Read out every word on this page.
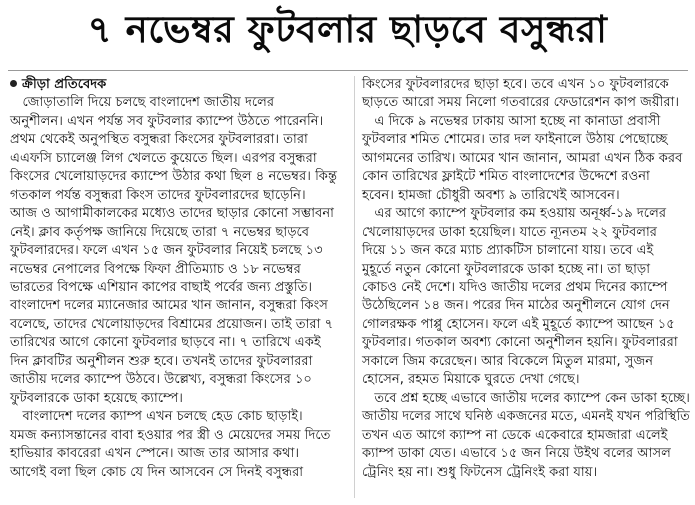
৭ নভেম্বর ফুটবলার ছাড়বে বসুন্ধরা
ক্রীড়া প্রতিবেদক
জোড়াতালি দিয়ে চলছে বাংলাদেশ জাতীয় দলের
অনুশীলন। এখন পর্যন্ত সব ফুটবলার ক্যাম্পে উঠতে পারেননি।
প্রথম থেকেই অনুপস্থিত বসুন্ধরা কিংসের ফুটবলাররা। তারা
এএফসি চ্যালেঞ্জ লিগ খেলতে কুয়েতে ছিল। এরপর বসুন্ধরা
কিংসের খেলোয়াড়দের ক্যাম্পে উঠার কথা ছিল ৪ নভেম্বর। কিন্তু
গতকাল পর্যন্ত বসুন্ধরা কিংস তাদের ফুটবলারদের ছাড়েনি।
আজ ও আগামীকালকের মধ্যেও তাদের ছাড়ার কোনো সম্ভাবনা
নেই। ক্লাব কর্তৃপক্ষ জানিয়ে দিয়েছে তারা ৭ নভেম্বর ছাড়বে
ফুটবলারদের। ফলে এখন ১৫ জন ফুটবলার নিয়েই চলছে ১৩
নভেম্বর নেপালের বিপক্ষে ফিফা প্রীতিম্যাচ ও ১৮ নভেম্বর
ভারতের বিপক্ষে এশিয়ান কাপের বাছাই পর্বের জন্য প্রস্তুতি।
বাংলাদেশ দলের ম্যানেজার আমের খান জানান, বসুন্ধরা কিংস
বলেছে, তাদের খেলোয়াড়দের বিশ্রামের প্রয়োজন। তাই তারা ৭
তারিখের আগে কোনো ফুটবলার ছাড়বে না। ৭ তারিখে একই
দিন ক্লাবটির অনুশীলন শুরু হবে। তখনই তাদের ফুটবলাররা
জাতীয় দলের ক্যাম্পে উঠবে। উল্লেখ্য, বসুন্ধরা কিংসের ১০
ফুটবলারকে ডাকা হয়েছে ক্যাম্পে।
বাংলাদেশ দলের ক্যাম্প এখন চলছে হেড কোচ ছাড়াই।
যমজ কন্যাসন্তানের বাবা হওয়ার পর স্ত্রী ও মেয়েদের সময় দিতে
হাভিয়ার কাবরেরা এখন স্পেনে। আজ তার আসার কথা।
আগেই বলা ছিল কোচ যে দিন আসবেন সে দিনই বসুন্ধরা
কিংসের ফুটবলারদের ছাড়া হবে। তবে এখন ১০ ফুটবলারকে
ছাড়তে আরো সময় নিলো গতবারের ফেডারেশন কাপ জয়ীরা।
এ দিকে ৯ নভেম্বর ঢাকায় আসা হচ্ছে না কানাডা প্রবাসী
ফুটবলার শমিত শোমের। তার দল ফাইনালে উঠায় পেছোচ্ছে
আগমনের তারিখ। আমের খান জানান, আমরা এখন ঠিক করব
কোন তারিখের ফ্লাইটে শমিত বাংলাদেশের উদ্দেশে রওনা
হবেন। হামজা চৌধুরী অবশ্য ৯ তারিখেই আসবেন।
এর আগে ক্যাম্পে ফুটবলার কম হওয়ায় অনূর্ধ্ব-১৯ দলের
খেলোয়াড়দের ডাকা হয়েছিল। যাতে ন্যূনতম ২২ ফুটবলার
দিয়ে ১১ জন করে ম্যাচ প্র্যাকটিস চালানো যায়। তবে এই
মুহূর্তে নতুন কোনো ফুটবলারকে ডাকা হচ্ছে না। তা ছাড়া
কোচও নেই দেশে। যদিও জাতীয় দলের প্রথম দিনের ক্যাম্পে
উঠেছিলেন ১৪ জন। পরের দিন মাঠের অনুশীলনে যোগ দেন
গোলরক্ষক পাপ্পু হোসেন। ফলে এই মুহূর্তে ক্যাম্পে আছেন ১৫
ফুটবলার। গতকাল অবশ্য কোনো অনুশীলন হয়নি। ফুটবলাররা
সকালে জিম করেছেন। আর বিকেলে মিতুল মারমা, সুজন
হোসেন, রহমত মিয়াকে ঘুরতে দেখা গেছে।
তবে প্রশ্ন হচ্ছে এভাবে জাতীয় দলের ক্যাম্পে কেন ডাকা হচ্ছে।
জাতীয় দলের সাথে ঘনিষ্ঠ একজনের মতে, এমনই যখন পরিস্থিতি
তখন এত আগে ক্যাম্প না ডেকে একেবারে হামজারা এলেই
ক্যাম্প ডাকা যেত। এভাবে ১৫ জন নিয়ে উইথ বলের আসল
ট্রেনিং হয় না। শুধু ফিটনেস ট্রেনিংই করা যায়।
